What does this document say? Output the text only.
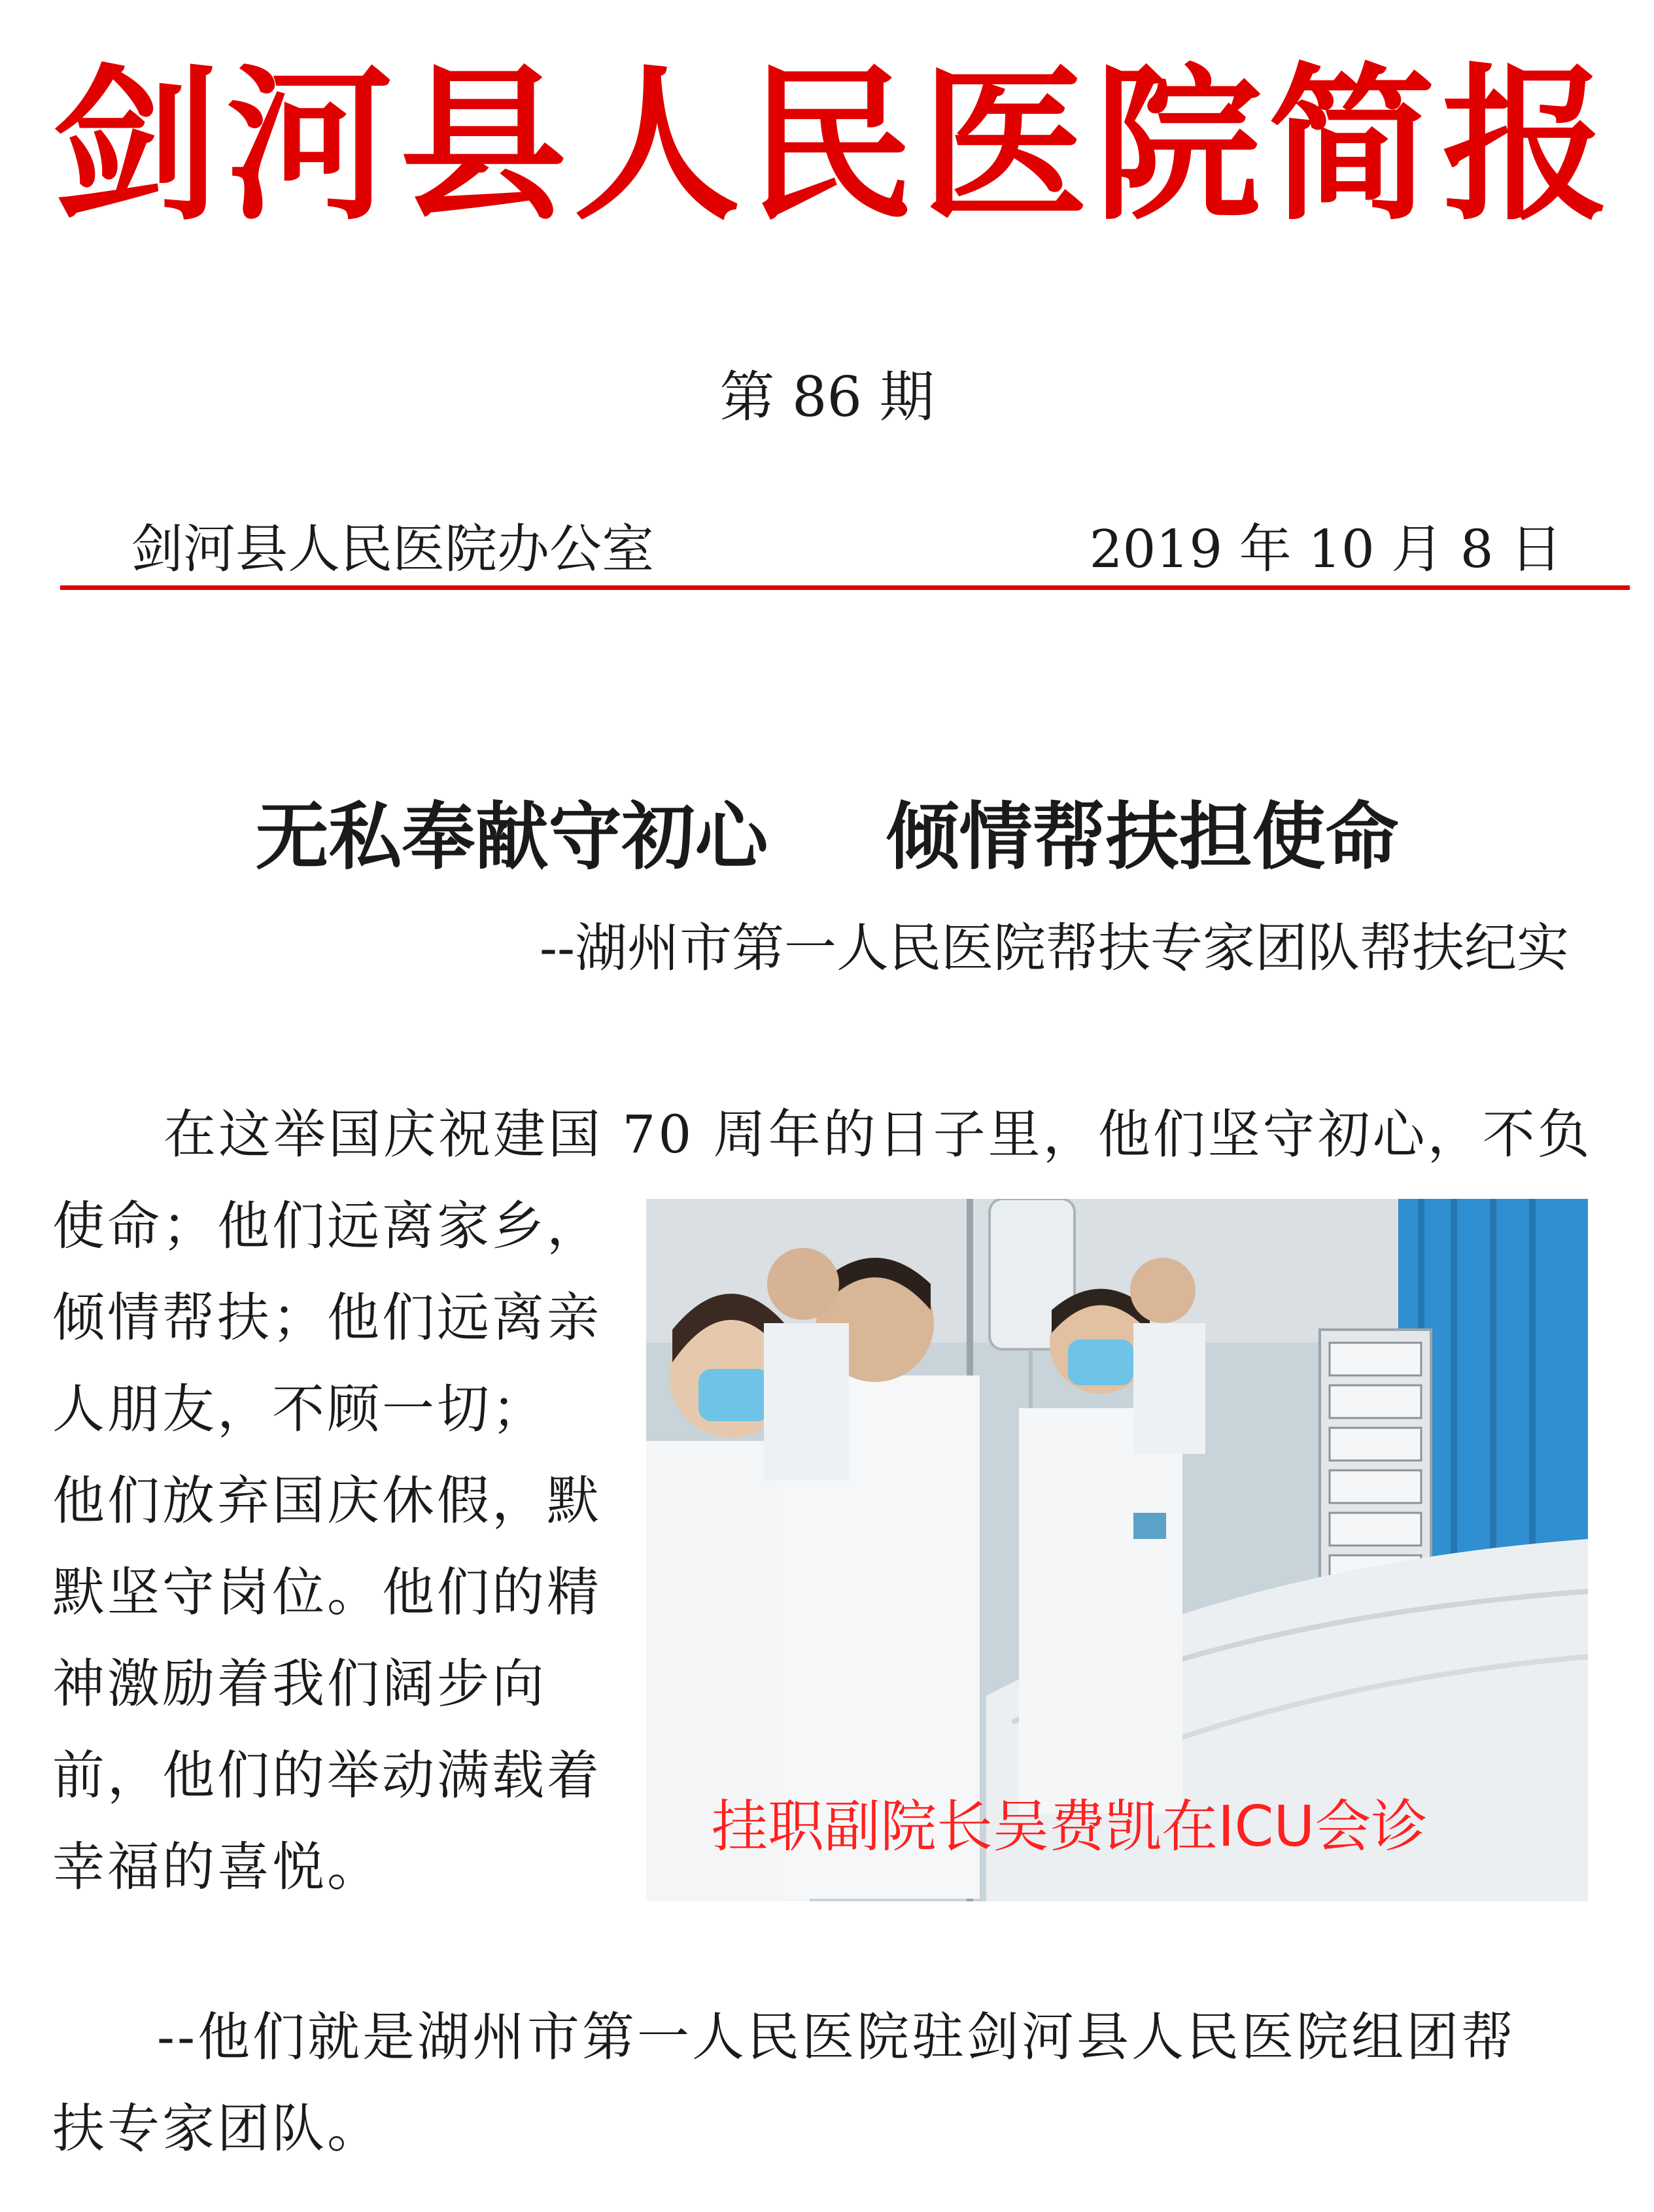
剑 河 县 人 民 医 院 简 报
第 86 期
剑河县人民医院办公室	2019 年 10 月 8 日
无私奉献守初心 倾情帮扶担使命
--湖州市第一人民医院帮扶专家团队帮扶纪实
在这举国庆祝建国 70 周年的日子里，他们坚守初心，不负
使命；他们远离家乡，
倾情帮扶；他们远离亲
人朋友，不顾一切；
他们放弃国庆休假，默
默坚守岗位。他们的精
神激励着我们阔步向
前，他们的举动满载着
幸福的喜悦。
挂职副院长吴费凯在ICU会诊
--他们就是湖州市第一人民医院驻剑河县人民医院组团帮
扶专家团队。
